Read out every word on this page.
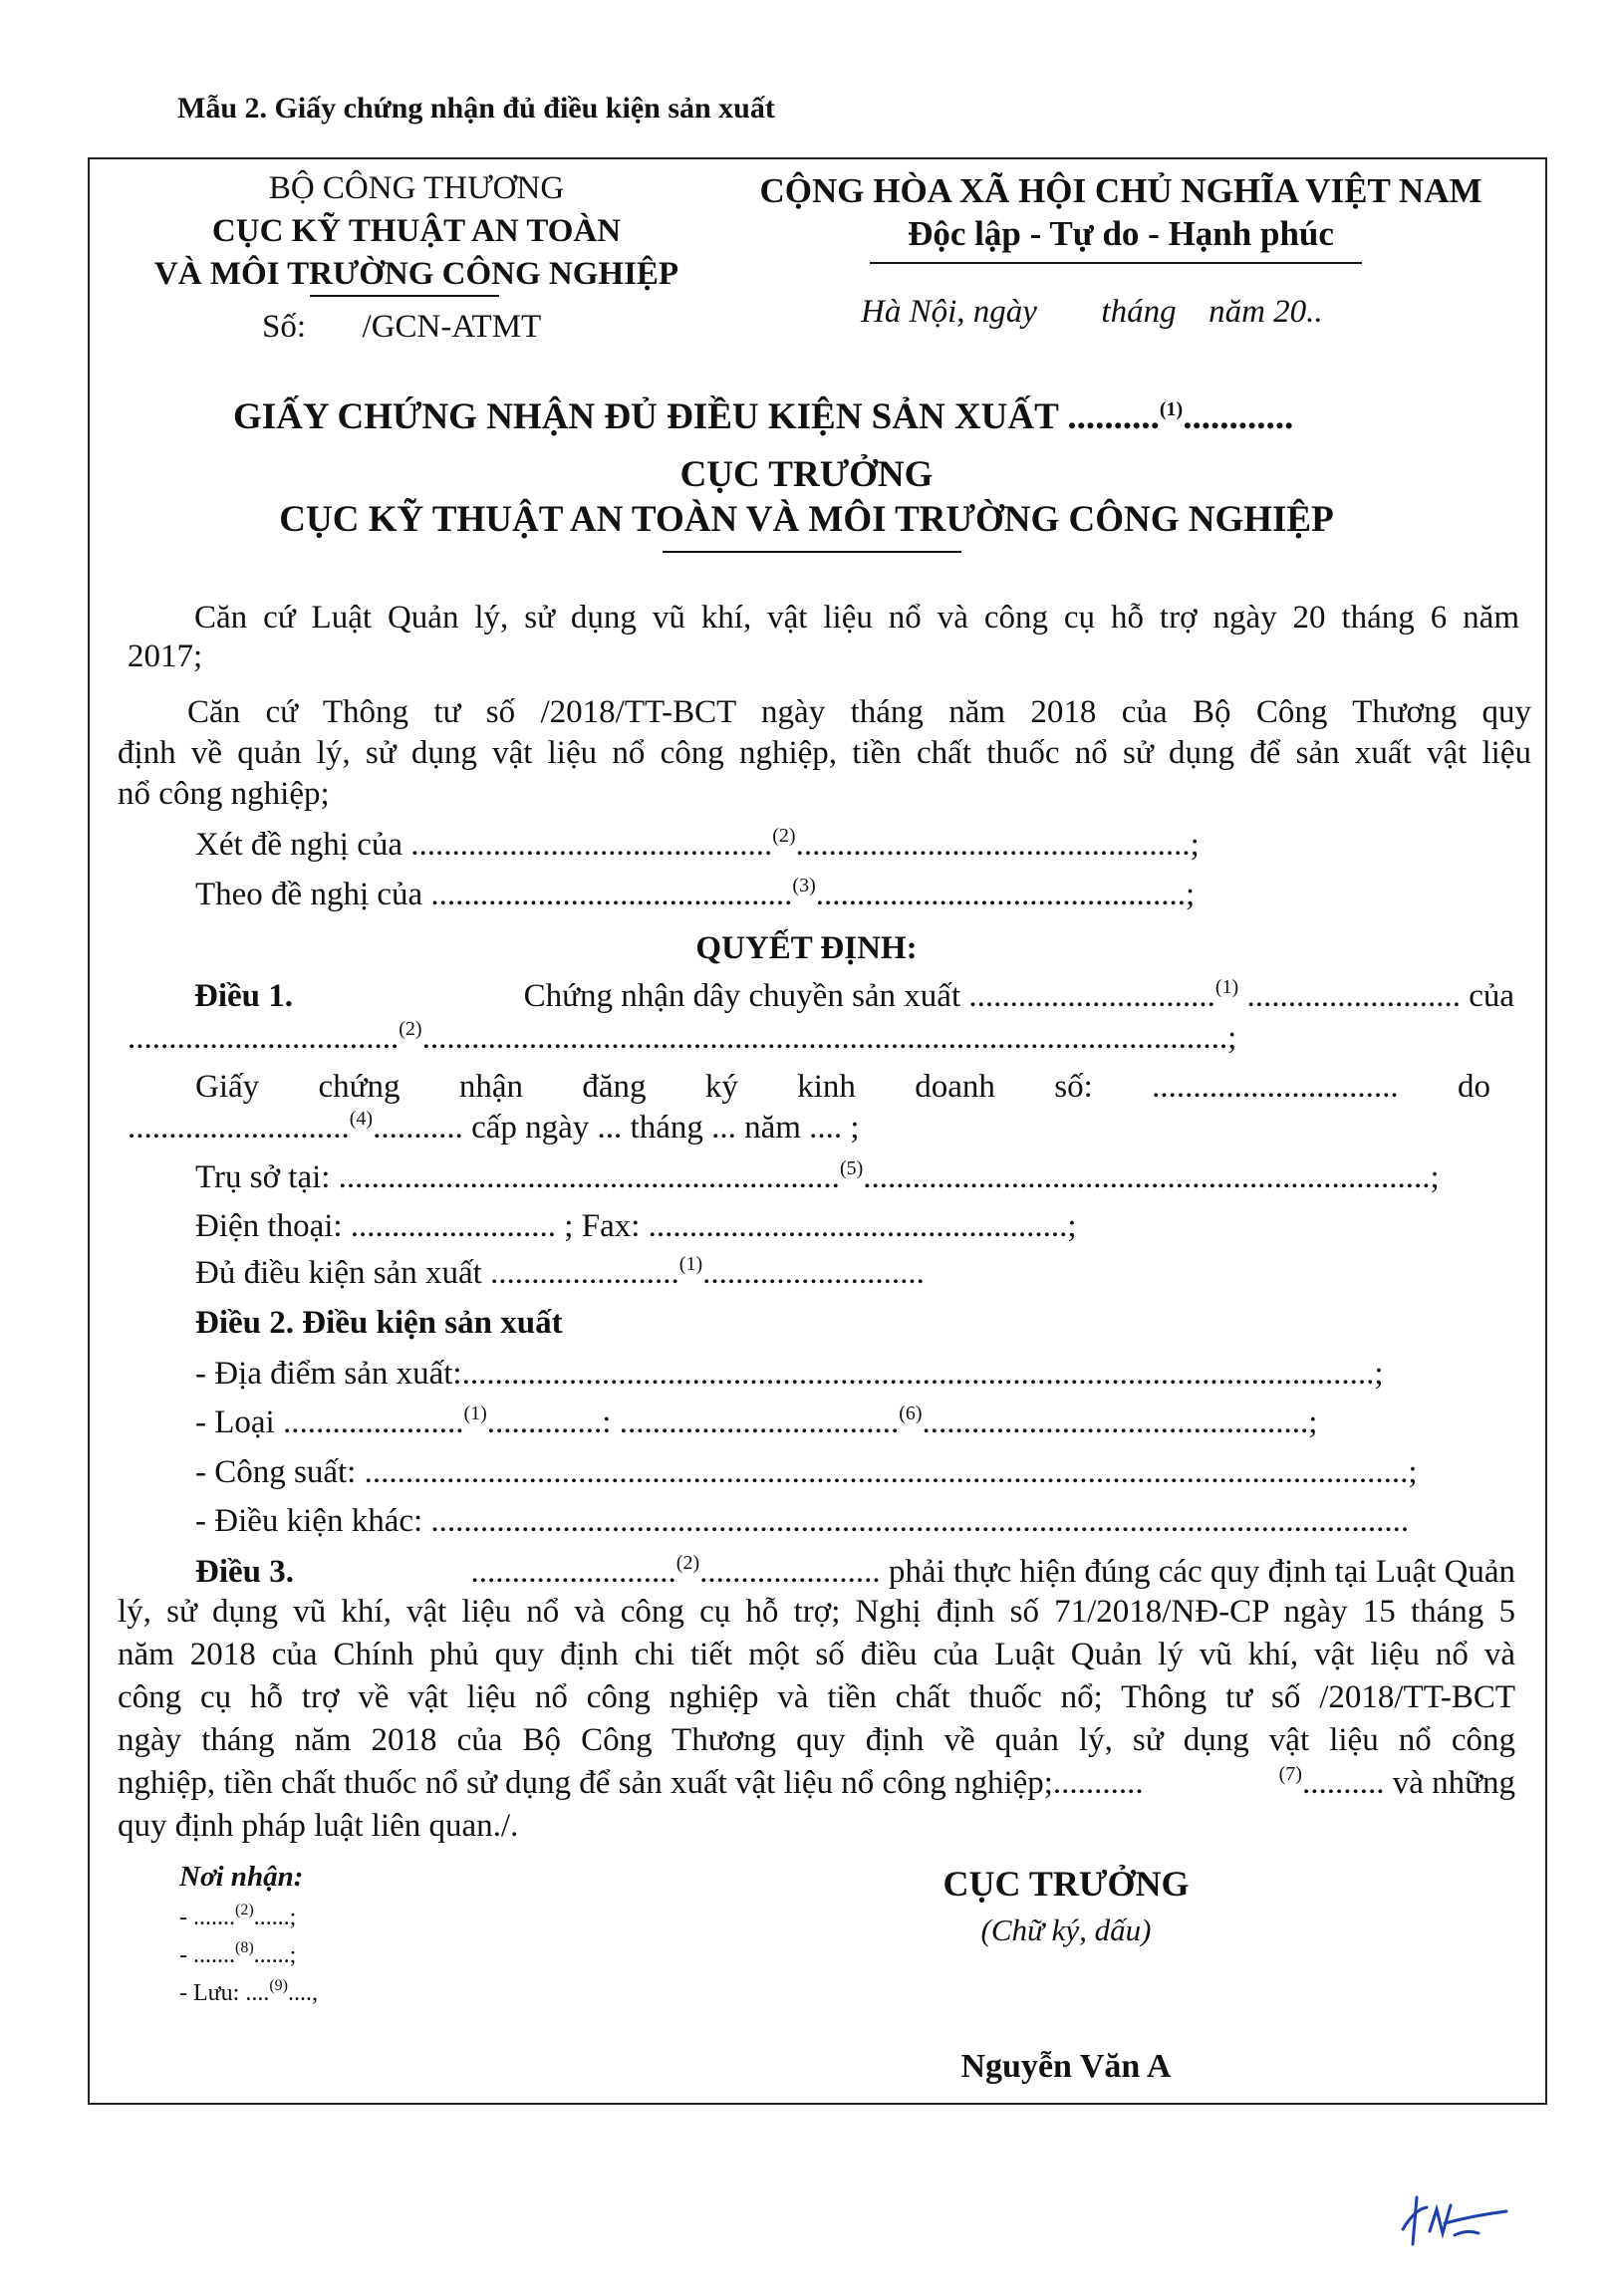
Mẫu 2. Giấy chứng nhận đủ điều kiện sản xuất
BỘ CÔNG THƯƠNG
CỤC KỸ THUẬT AN TOÀN
VÀ MÔI TRƯỜNG CÔNG NGHIỆP
Số: /GCN-ATMT
CỘNG HÒA XÃ HỘI CHỦ NGHĨA VIỆT NAM
Độc lập - Tự do - Hạnh phúc
Hà Nội, ngày tháng năm 20..
GIẤY CHỨNG NHẬN ĐỦ ĐIỀU KIỆN SẢN XUẤT ..........$^{(1)}$............
CỤC TRƯỞNG
CỤC KỸ THUẬT AN TOÀN VÀ MÔI TRƯỜNG CÔNG NGHIỆP
Căn cứ Luật Quản lý, sử dụng vũ khí, vật liệu nổ và công cụ hỗ trợ ngày 20 tháng 6 năm
2017;
Căn cứ Thông tư số /2018/TT-BCT ngày tháng năm 2018 của Bộ Công Thương quy
định về quản lý, sử dụng vật liệu nổ công nghiệp, tiền chất thuốc nổ sử dụng để sản xuất vật liệu
nổ công nghiệp;
Xét đề nghị của ............................................$^{(2)}$................................................;
Theo đề nghị của ............................................$^{(3)}$.............................................;
QUYẾT ĐỊNH:
Điều 1.	Chứng nhận dây chuyền sản xuất ..............................$^{(1)}$ .......................... của
.................................$^{(2)}$..................................................................................................;
Giấy chứng nhận đăng ký kinh doanh số: .............................. do
...........................$^{(4)}$........... cấp ngày ... tháng ... năm .... ;
Trụ sở tại: .............................................................$^{(5)}$.....................................................................;
Điện thoại: ......................... ; Fax: ...................................................;
Đủ điều kiện sản xuất .......................$^{(1)}$...........................
Điều 2. Điều kiện sản xuất
- Địa điểm sản xuất:...............................................................................................................;
- Loại ......................$^{(1)}$..............: ..................................$^{(6)}$...............................................;
- Công suất: ...............................................................................................................................;
- Điều kiện khác: .......................................................................................................................
Điều 3.	.........................$^{(2)}$...................... phải thực hiện đúng các quy định tại Luật Quản
lý, sử dụng vũ khí, vật liệu nổ và công cụ hỗ trợ; Nghị định số 71/2018/NĐ-CP ngày 15 tháng 5
năm 2018 của Chính phủ quy định chi tiết một số điều của Luật Quản lý vũ khí, vật liệu nổ và
công cụ hỗ trợ về vật liệu nổ công nghiệp và tiền chất thuốc nổ; Thông tư số /2018/TT-BCT
ngày tháng năm 2018 của Bộ Công Thương quy định về quản lý, sử dụng vật liệu nổ công
nghiệp, tiền chất thuốc nổ sử dụng để sản xuất vật liệu nổ công nghiệp;...........	$^{(7)}$.......... và những
quy định pháp luật liên quan./.
Nơi nhận:
- .......$^{(2)}$......;
- .......$^{(8)}$......;
- Lưu: ....$^{(9)}$....,
CỤC TRƯỞNG
(Chữ ký, dấu)
Nguyễn Văn A
